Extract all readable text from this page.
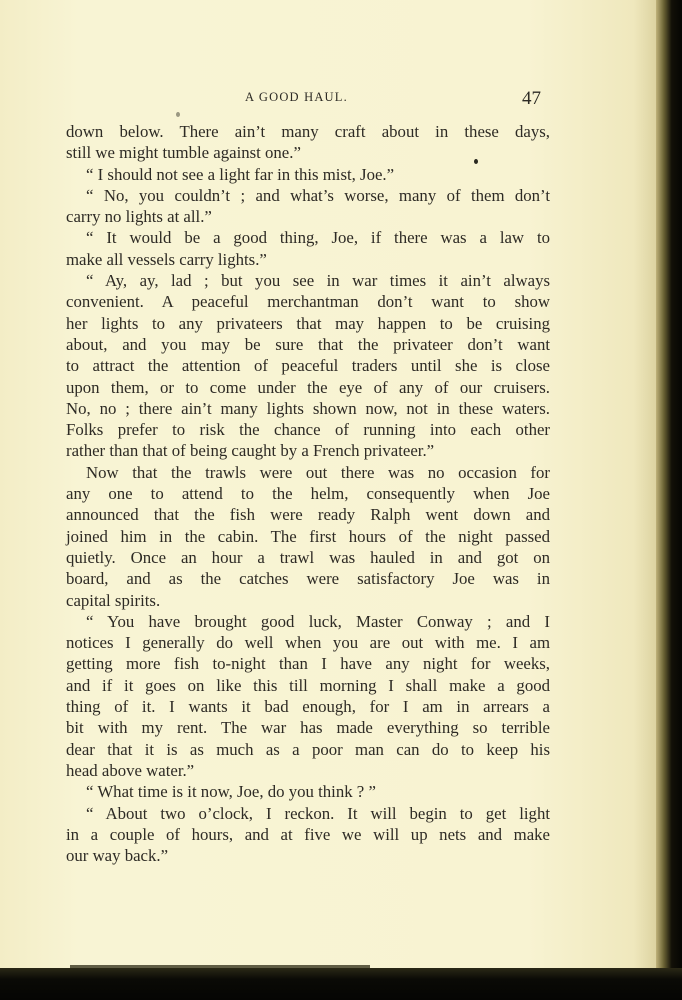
A GOOD HAUL.	47
down below. There ain’t many craft about in these days,
still we might tumble against one.”
“ I should not see a light far in this mist, Joe.”
“ No, you couldn’t ; and what’s worse, many of them don’t
carry no lights at all.”
“ It would be a good thing, Joe, if there was a law to
make all vessels carry lights.”
“ Ay, ay, lad ; but you see in war times it ain’t always
convenient. A peaceful merchantman don’t want to show
her lights to any privateers that may happen to be cruising
about, and you may be sure that the privateer don’t want
to attract the attention of peaceful traders until she is close
upon them, or to come under the eye of any of our cruisers.
No, no ; there ain’t many lights shown now, not in these waters.
Folks prefer to risk the chance of running into each other
rather than that of being caught by a French privateer.”
Now that the trawls were out there was no occasion for
any one to attend to the helm, consequently when Joe
announced that the fish were ready Ralph went down and
joined him in the cabin. The first hours of the night passed
quietly. Once an hour a trawl was hauled in and got on
board, and as the catches were satisfactory Joe was in
capital spirits.
“ You have brought good luck, Master Conway ; and I
notices I generally do well when you are out with me. I am
getting more fish to-night than I have any night for weeks,
and if it goes on like this till morning I shall make a good
thing of it. I wants it bad enough, for I am in arrears a
bit with my rent. The war has made everything so terrible
dear that it is as much as a poor man can do to keep his
head above water.”
“ What time is it now, Joe, do you think ? ”
“ About two o’clock, I reckon. It will begin to get light
in a couple of hours, and at five we will up nets and make
our way back.”
